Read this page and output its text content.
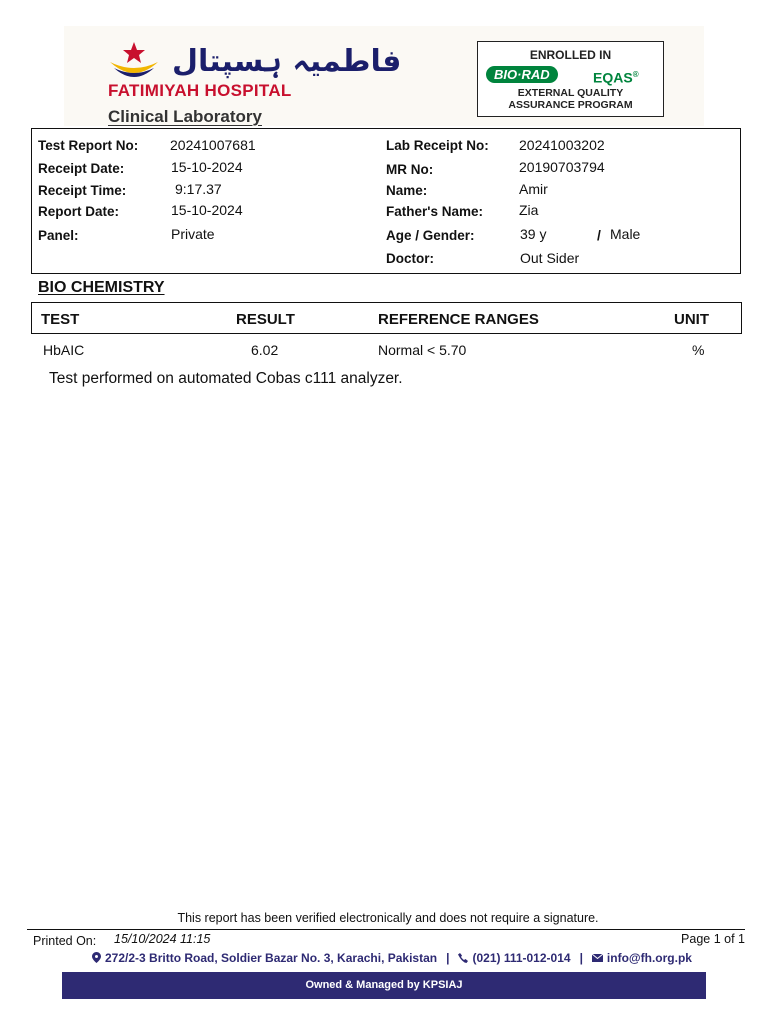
فاطمیہ ہسپتال
FATIMIYAH HOSPITAL
Clinical Laboratory
ENROLLED IN
BIO·RAD	EQAS®
EXTERNAL QUALITY
ASSURANCE PROGRAM
Test Report No: 20241007681
Receipt Date:	15-10-2024
Receipt Time:	9:17.37
Report Date:	15-10-2024
Panel:	Private
Lab Receipt No: 20241003202
MR No:	20190703794
Name:	Amir
Father's Name:	Zia
Age / Gender:	39 y	/ Male
Doctor:	Out Sider
BIO CHEMISTRY
TEST	RESULT	REFERENCE RANGES	UNIT
HbAIC	6.02	Normal < 5.70	%
Test performed on automated Cobas c111 analyzer.
This report has been verified electronically and does not require a signature.
Printed On: 15/10/2024 11:15	Page 1 of 1
272/2-3 Britto Road, Soldier Bazar No. 3, Karachi, Pakistan | (021) 111-012-014 | info@fh.org.pk
Owned & Managed by KPSIAJ
